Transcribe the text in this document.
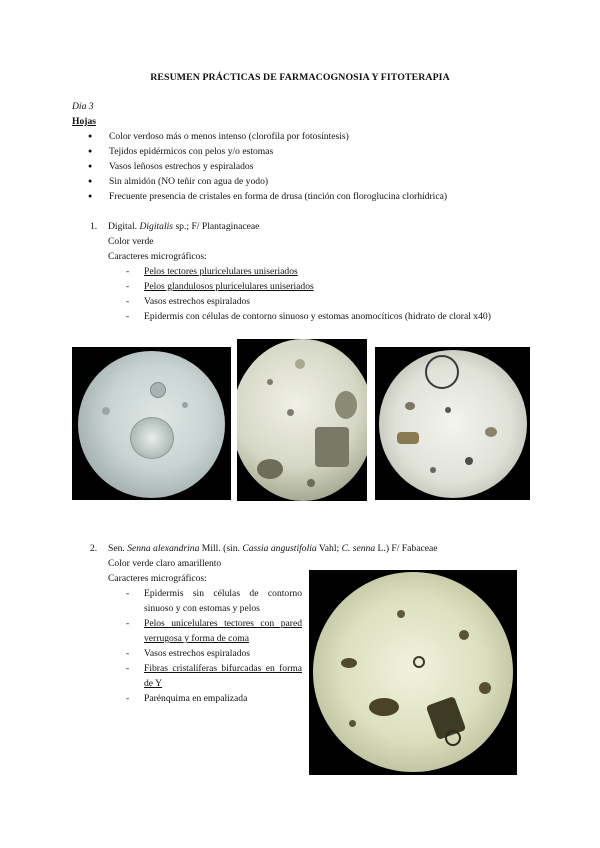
RESUMEN PRÁCTICAS DE FARMACOGNOSIA Y FITOTERAPIA
Día 3
Hojas
● Color verdoso más o menos intenso (clorofila por fotosíntesis)
● Tejidos epidérmicos con pelos y/o estomas
● Vasos leñosos estrechos y espiralados
● Sin almidón (NO teñir con agua de yodo)
● Frecuente presencia de cristales en forma de drusa (tinción con floroglucina clorhídrica)
1. Digital. Digitalis sp.; F/ Plantaginaceae
Color verde
Caracteres micrográficos:
- Pelos tectores pluricelulares uniseriados
- Pelos glandulosos pluricelulares uniseriados
- Vasos estrechos espiralados
- Epidermis con células de contorno sinuoso y estomas anomocíticos (hidrato de cloral x40)
2. Sen. Senna alexandrina Mill. (sin. Cassia angustifolia Vahl; C. senna L.) F/ Fabaceae
Color verde claro amarillento
Caracteres micrográficos:
- Epidermis sin células de contorno sinuoso y con estomas y pelos
- Pelos unicelulares tectores con pared verrugosa y forma de coma
- Vasos estrechos espiralados
- Fibras cristalíferas bifurcadas en forma de Y
- Parénquima en empalizada
